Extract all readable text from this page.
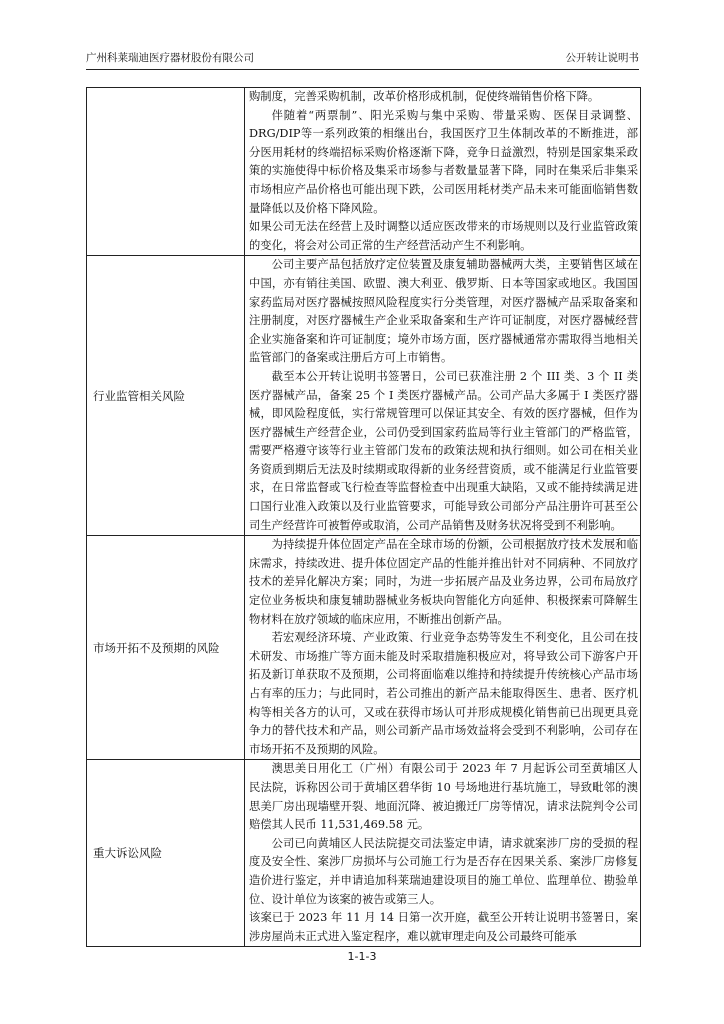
广州科莱瑞迪医疗器材股份有限公司	公开转让说明书

	购制度，完善采购机制，改革价格形成机制，促使终端销售价格下降。

伴随着“两票制”、阳光采购与集中采购、带量采购、医保目录调整、DRG/DIP等一系列政策的相继出台，我国医疗卫生体制改革的不断推进，部分医用耗材的终端招标采购价格逐渐下降，竞争日益激烈，特别是国家集采政策的实施使得中标价格及集采市场参与者数量显著下降，同时在集采后非集采市场相应产品价格也可能出现下跌，公司医用耗材类产品未来可能面临销售数量降低以及价格下降风险。

如果公司无法在经营上及时调整以适应医改带来的市场规则以及行业监管政策的变化，将会对公司正常的生产经营活动产生不利影响。

行业监管相关风险	公司主要产品包括放疗定位装置及康复辅助器械两大类，主要销售区域在中国，亦有销往美国、欧盟、澳大利亚、俄罗斯、日本等国家或地区。我国国家药监局对医疗器械按照风险程度实行分类管理，对医疗器械产品采取备案和注册制度，对医疗器械生产企业采取备案和生产许可证制度，对医疗器械经营企业实施备案和许可证制度；境外市场方面，医疗器械通常亦需取得当地相关监管部门的备案或注册后方可上市销售。

截至本公开转让说明书签署日，公司已获准注册 2 个 III 类、3 个 II 类医疗器械产品，备案 25 个 I 类医疗器械产品。公司产品大多属于 I 类医疗器械，即风险程度低，实行常规管理可以保证其安全、有效的医疗器械，但作为医疗器械生产经营企业，公司仍受到国家药监局等行业主管部门的严格监管，需要严格遵守该等行业主管部门发布的政策法规和执行细则。如公司在相关业务资质到期后无法及时续期或取得新的业务经营资质，或不能满足行业监管要求，在日常监督或飞行检查等监督检查中出现重大缺陷，又或不能持续满足进口国行业准入政策以及行业监管要求，可能导致公司部分产品注册许可甚至公司生产经营许可被暂停或取消，公司产品销售及财务状况将受到不利影响。

市场开拓不及预期的风险	为持续提升体位固定产品在全球市场的份额，公司根据放疗技术发展和临床需求，持续改进、提升体位固定产品的性能并推出针对不同病种、不同放疗技术的差异化解决方案；同时，为进一步拓展产品及业务边界，公司布局放疗定位业务板块和康复辅助器械业务板块向智能化方向延伸、积极探索可降解生物材料在放疗领域的临床应用，不断推出创新产品。

若宏观经济环境、产业政策、行业竞争态势等发生不利变化，且公司在技术研发、市场推广等方面未能及时采取措施积极应对，将导致公司下游客户开拓及新订单获取不及预期，公司将面临难以维持和持续提升传统核心产品市场占有率的压力；与此同时，若公司推出的新产品未能取得医生、患者、医疗机构等相关各方的认可，又或在获得市场认可并形成规模化销售前已出现更具竞争力的替代技术和产品，则公司新产品市场效益将会受到不利影响，公司存在市场开拓不及预期的风险。

重大诉讼风险	澳思美日用化工（广州）有限公司于 2023 年 7 月起诉公司至黄埔区人民法院，诉称因公司于黄埔区碧华街 10 号场地进行基坑施工，导致毗邻的澳思美厂房出现墙壁开裂、地面沉降、被迫搬迁厂房等情况，请求法院判令公司赔偿其人民币 11,531,469.58 元。

公司已向黄埔区人民法院提交司法鉴定申请，请求就案涉厂房的受损的程度及安全性、案涉厂房损坏与公司施工行为是否存在因果关系、案涉厂房修复造价进行鉴定，并申请追加科莱瑞迪建设项目的施工单位、监理单位、勘验单位、设计单位为该案的被告或第三人。

该案已于 2023 年 11 月 14 日第一次开庭，截至公开转让说明书签署日，案涉房屋尚未正式进入鉴定程序，难以就审理走向及公司最终可能承

1-1-3
